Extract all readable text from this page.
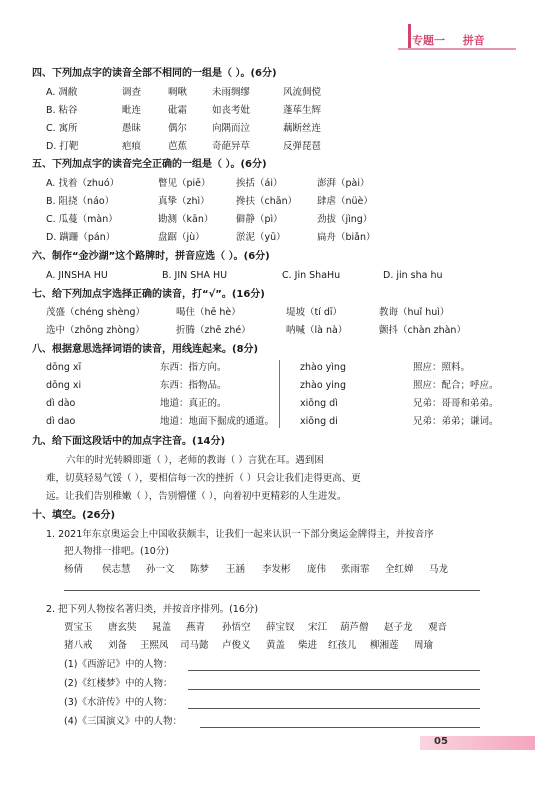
专题一 拼音
四、下列加点字的读音全部不相同的一组是（ ）。(6分)
A. 凋敝	调查	啁啾	未雨绸缪	风流倜傥
B. 粘谷	毗连	砒霜	如丧考妣	蓬荜生辉
C. 寓所	愚昧	偶尔	向隅而泣	藕断丝连
D. 打靶	疤痕	芭蕉	奇葩异草	反弹琵琶
五、下列加点字的读音完全正确的一组是（ ）。(6分)
A. 找着（zhuó）	瞥见（piē）	挨括（ái）	澎湃（pài）
B. 阻挠（náo）	真挚（zhì）	搀扶（chān） 肆虐（nüè）
C. 瓜蔓（màn）	勘测（kān） 僻静（pì）	劲拔（jìng）
D. 蹒跚（pán）	盘踞（jù）	淤泥（yū）	扁舟（biǎn）
六、制作“金沙湖”这个路牌时，拼音应选（ ）。(6分)
A. JINSHA HU	B. JIN SHA HU	C. Jin ShaHu	D. jin sha hu
七、给下列加点字选择正确的读音，打“√”。(16分)
茂盛（chéng shèng）	喝住（hē hè）	堤坡（tí dī）	教诲（huǐ huì）
选中（zhōng zhòng）	折腾（zhē zhé）	呐喊（là nà）	颤抖（chàn zhàn）
八、根据意思选择词语的读音，用线连起来。(8分)
dōng xī	东西：指方向。	zhào yìng	照应：照料。
dōng xi	东西：指物品。	zhào ying	照应：配合；呼应。
dì dào	地道：真正的。	xiōng dì	兄弟：哥哥和弟弟。
dì dao	地道：地面下掘成的通道。	xiōng di	兄弟：弟弟；谦词。
九、给下面这段话中的加点字注音。(14分)
六年的时光转瞬即逝（ ），老师的教诲（ ）言犹在耳。遇到困
难，切莫轻易气馁（ ），要相信每一次的挫折（ ）只会让我们走得更高、更
远。让我们告别稚嫩（ ），告别懵懂（ ），向着初中更精彩的人生进发。
十、填空。(26分)
1. 2021年东京奥运会上中国收获颇丰，让我们一起来认识一下部分奥运金牌得主，并按音序
把人物排一排吧。(10分)
杨倩 侯志慧 孙一文 陈梦 王涵 李发彬 庞伟 张雨霏 全红婵 马龙
2. 把下列人物按名著归类，并按音序排列。(16分)
贾宝玉 唐玄奘 晁盖 燕青 孙悟空 薛宝钗 宋江 葫芦僧 赵子龙 观音
猪八戒 刘备 王熙凤 司马懿 卢俊义 黄盖 柴进 红孩儿 柳湘莲 周瑜
(1)《西游记》中的人物：
(2)《红楼梦》中的人物：
(3)《水浒传》中的人物：
(4)《三国演义》中的人物：
05
